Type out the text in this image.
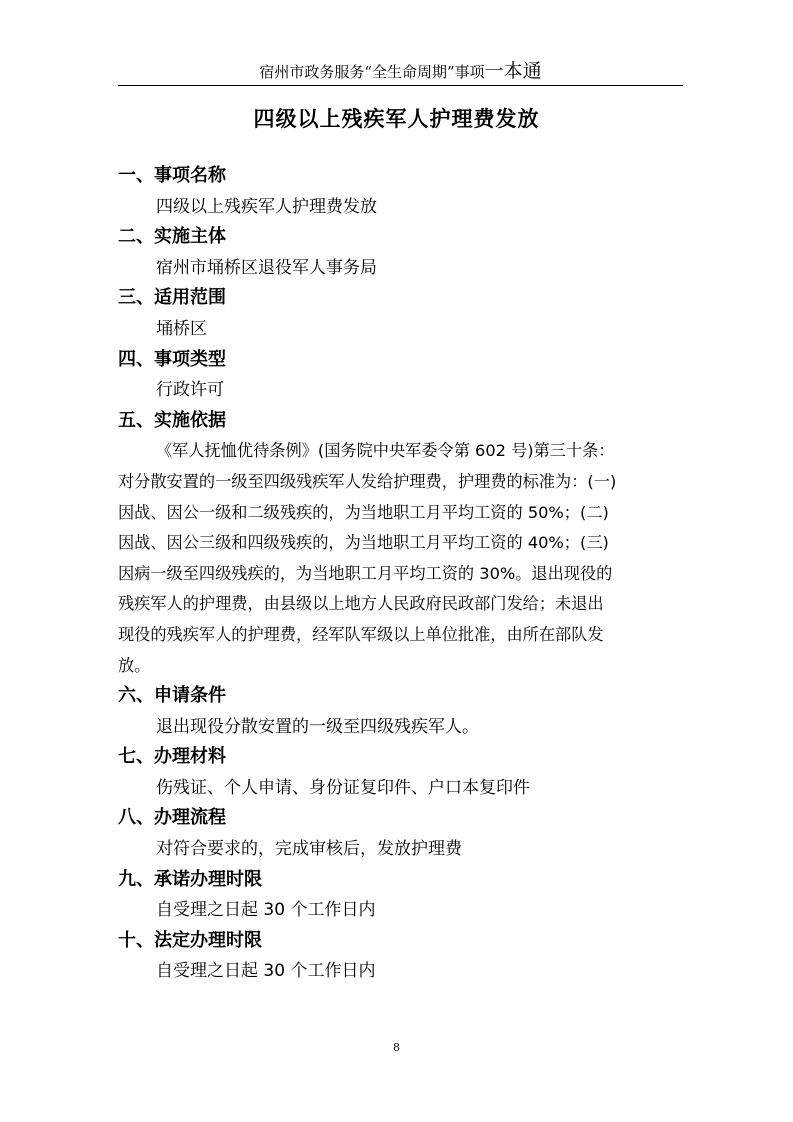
宿州市政务服务“全生命周期”事项一本通
四级以上残疾军人护理费发放
一、事项名称
四级以上残疾军人护理费发放
二、实施主体
宿州市埇桥区退役军人事务局
三、适用范围
埇桥区
四、事项类型
行政许可
五、实施依据
《军人抚恤优待条例》(国务院中央军委令第 602 号)第三十条：
对分散安置的一级至四级残疾军人发给护理费，护理费的标准为：(一)
因战、因公一级和二级残疾的，为当地职工月平均工资的 50%；(二)
因战、因公三级和四级残疾的，为当地职工月平均工资的 40%；(三)
因病一级至四级残疾的，为当地职工月平均工资的 30%。退出现役的
残疾军人的护理费，由县级以上地方人民政府民政部门发给；未退出
现役的残疾军人的护理费，经军队军级以上单位批准，由所在部队发
放。
六、申请条件
退出现役分散安置的一级至四级残疾军人。
七、办理材料
伤残证、个人申请、身份证复印件、户口本复印件
八、办理流程
对符合要求的，完成审核后，发放护理费
九、承诺办理时限
自受理之日起 30 个工作日内
十、法定办理时限
自受理之日起 30 个工作日内
8
